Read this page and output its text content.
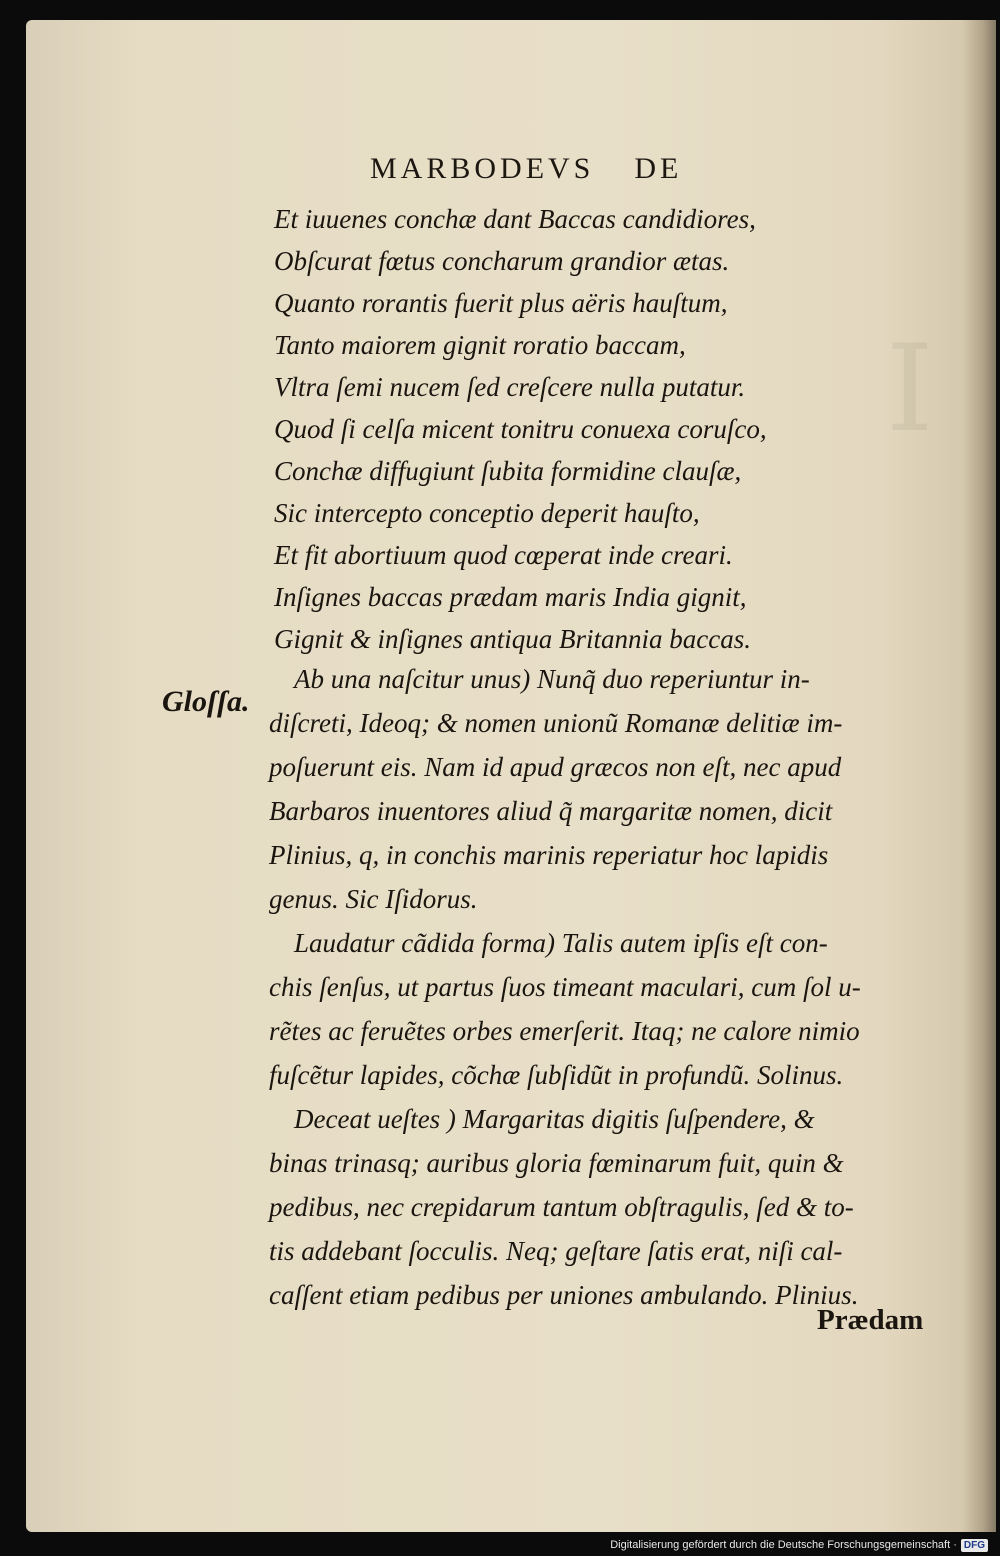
I
MARBODEVS DE
Et iuuenes conchæ dant Baccas candidiores,
Obſcurat fœtus concharum grandior ætas.
Quanto rorantis fuerit plus aëris hauſtum,
Tanto maiorem gignit roratio baccam,
Vltra ſemi nucem ſed creſcere nulla putatur.
Quod ſi celſa micent tonitru conuexa coruſco,
Conchæ diffugiunt ſubita formidine clauſæ,
Sic intercepto conceptio deperit hauſto,
Et fit abortiuum quod cœperat inde creari.
Inſignes baccas prædam maris India gignit,
Gignit & inſignes antiqua Britannia baccas.
Gloſſa.
Ab una naſcitur unus) Nunq̃ duo reperiuntur in-
diſcreti, Ideoq; & nomen unionũ Romanæ delitiæ im-
poſuerunt eis. Nam id apud græcos non eſt, nec apud
Barbaros inuentores aliud q̃ margaritæ nomen, dicit
Plinius, q, in conchis marinis reperiatur hoc lapidis
genus. Sic Iſidorus.
Laudatur cãdida forma) Talis autem ipſis eſt con-
chis ſenſus, ut partus ſuos timeant maculari, cum ſol u-
rẽtes ac feruẽtes orbes emerſerit. Itaq; ne calore nimio
fuſcẽtur lapides, cõchæ ſubſidũt in profundũ. Solinus.
Deceat ueſtes ) Margaritas digitis ſuſpendere, &
binas trinasq; auribus gloria fœminarum fuit, quin &
pedibus, nec crepidarum tantum obſtragulis, ſed & to-
tis addebant ſocculis. Neq; geſtare ſatis erat, niſi cal-
caſſent etiam pedibus per uniones ambulando. Plinius.
Prædam
Digitalisierung gefördert durch die Deutsche Forschungsgemeinschaft · DFG
